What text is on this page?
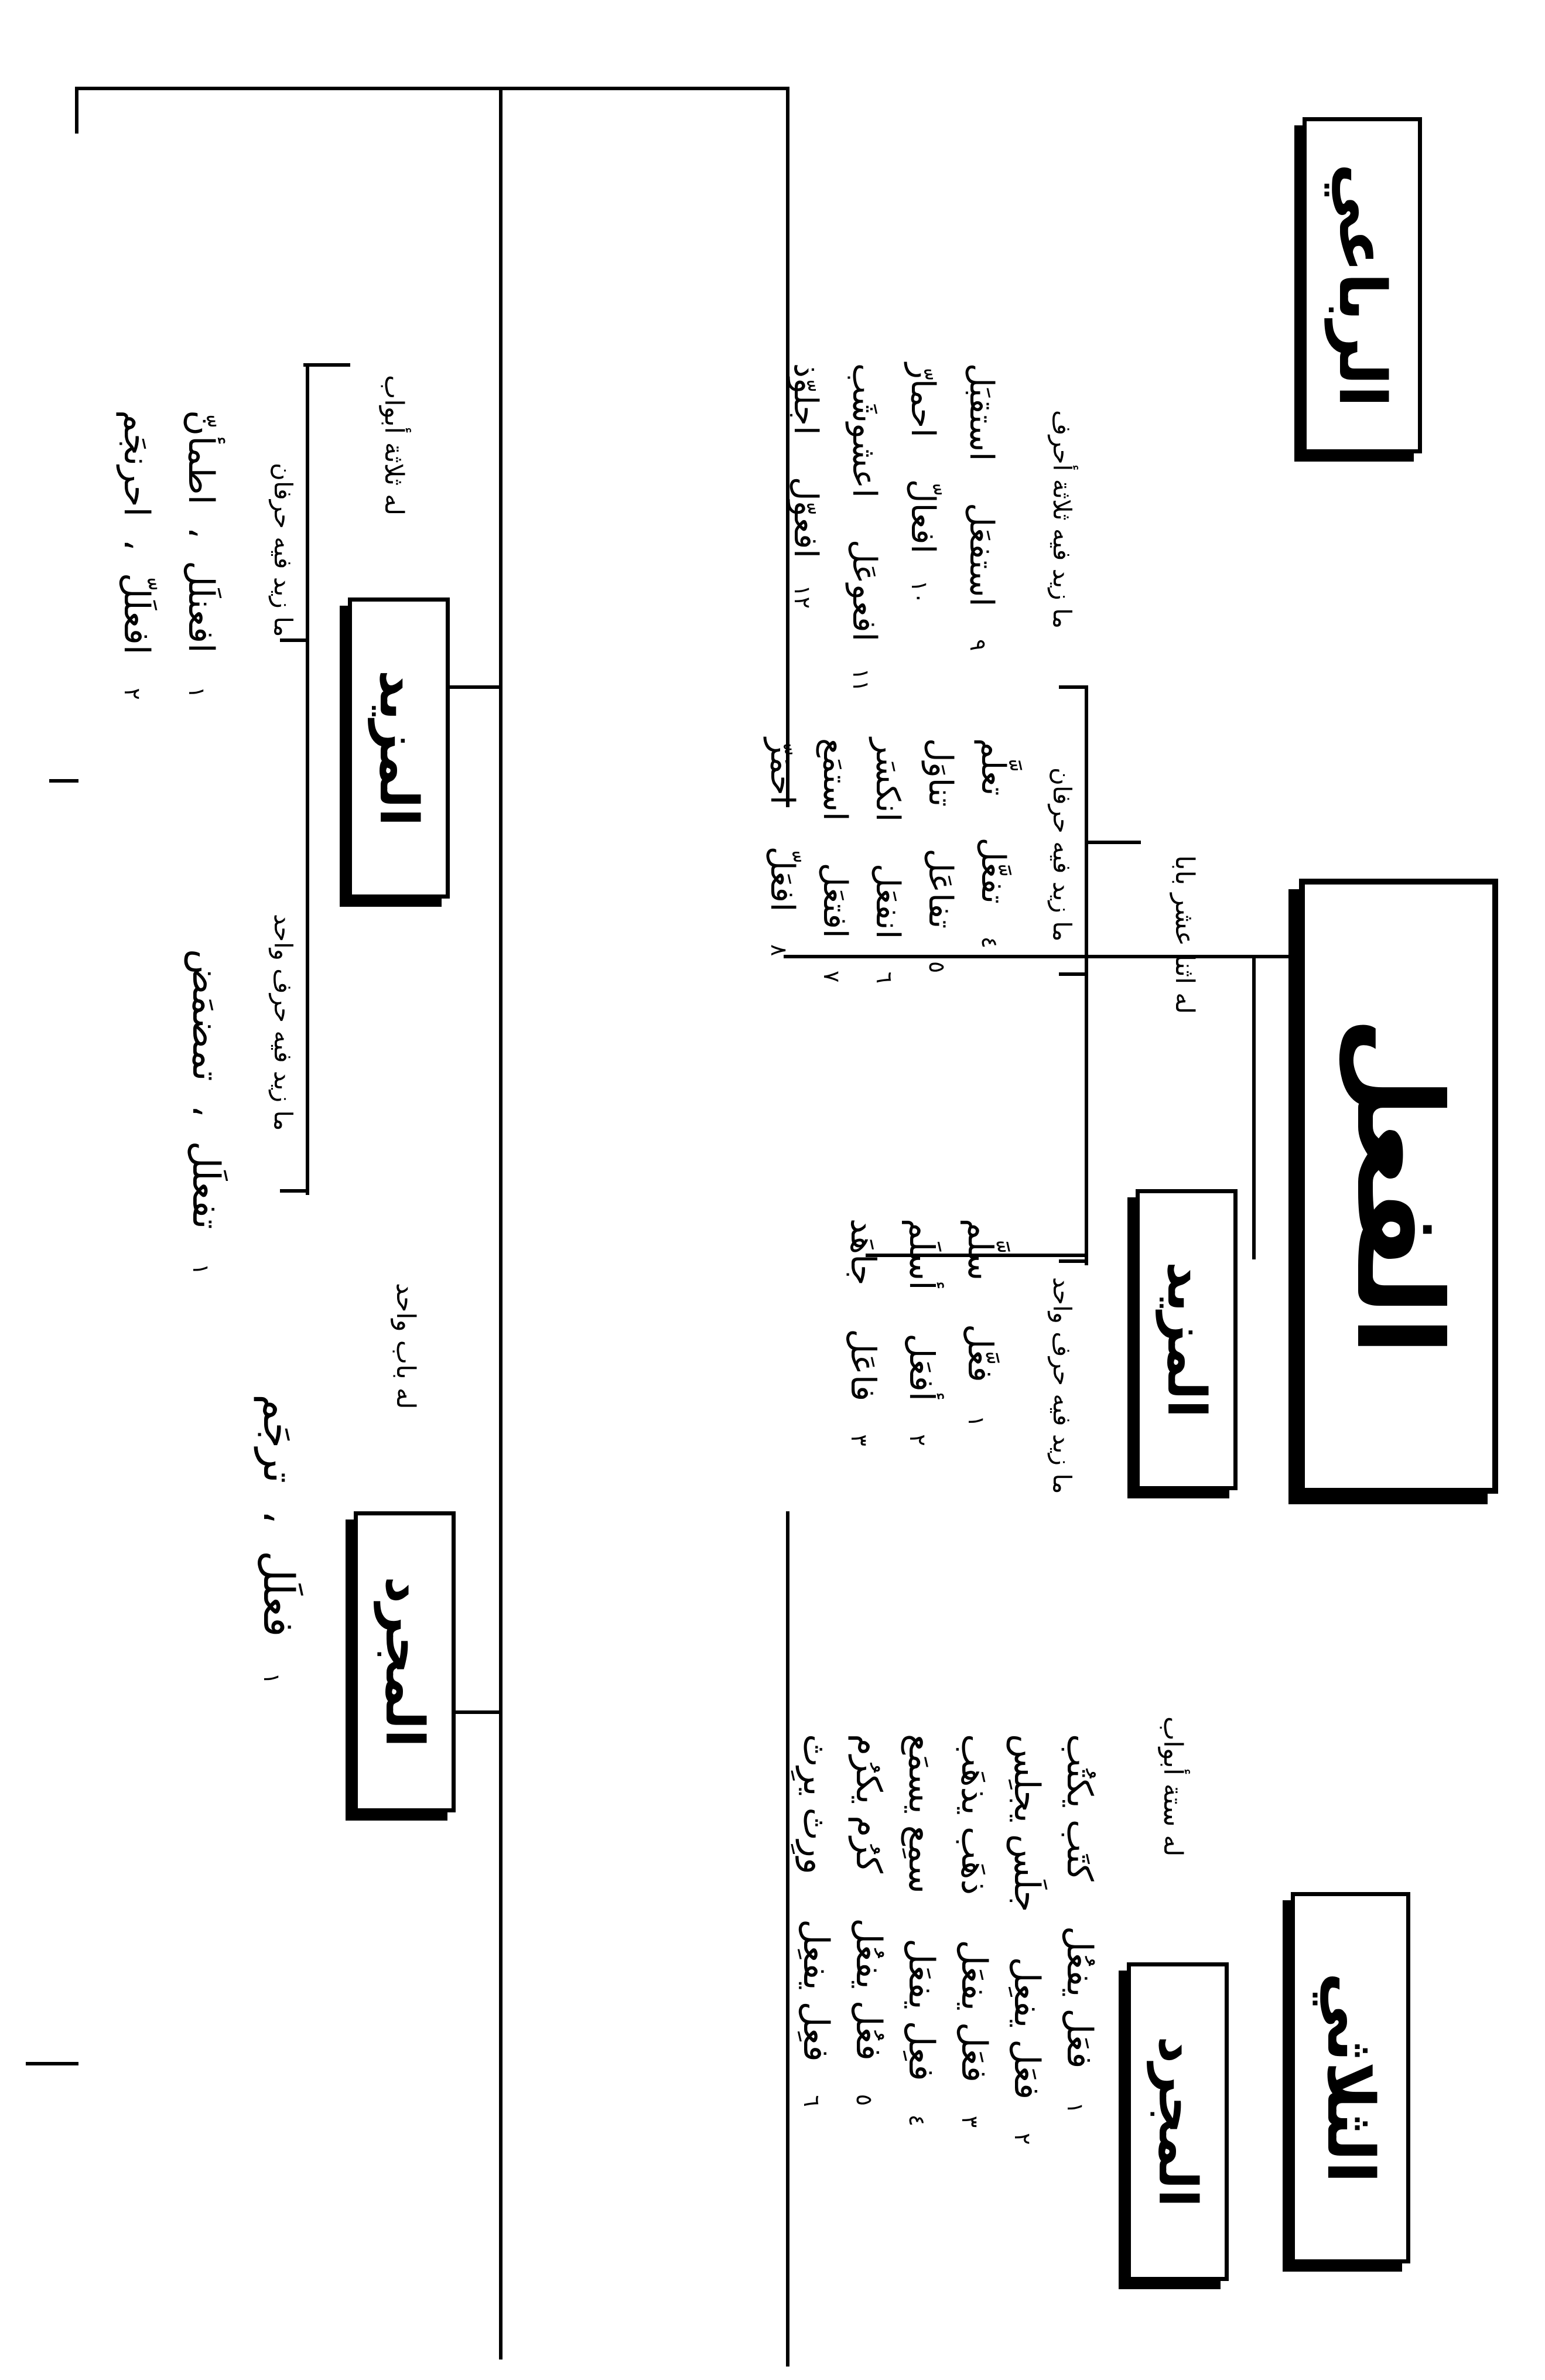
الفعل
الثلاثي
الرباعي
المجرد
له ستة أبواب
١ فعَل يفعُل    كتَب يكتُب
٢ فعَل يفعِل    جلَس يجلِس
٣ فعَل يفعَل    ذهَب يذهَب
٤ فعِل يفعَل    سمِع يسمَع
٥ فعُل يفعُل    كرُم يكرُم
٦ فعِل يفعِل    ورِث يرِث
المزيد
له اثنا عشر بابا
ما زيد فيه حرف واحد
١ فعَّل    سلَّم
٢ أفعَل    أسلَم
٣ فاعَل    جاهَد
ما زيد فيه حرفان
٤ تفعَّل    تعلَّم
٥ تفاعَل    تناوَل
٦ انفعَل    انكسَر
٧ افتعَل    استمَع
٨ افعَلّ    احمَرّ
ما زيد فيه ثلاثة أحرف
٩ استفعَل    استقبَل
١٠ افعالّ    احمارّ
١١ افعوعَل    اعشوشَب
١٢ افعوّل    اجلوّذ
المجرد
له باب واحد
١ فعلَل  ،  ترجَم
المزيد
له ثلاثة أبواب
ما زيد فيه حرف واحد
١ تفعلَل  ،  تمضمَض
ما زيد فيه حرفان
١ افعنلَل  ،  اطمأنّ
٢ افعلَلّ  ،  احرنجَم
